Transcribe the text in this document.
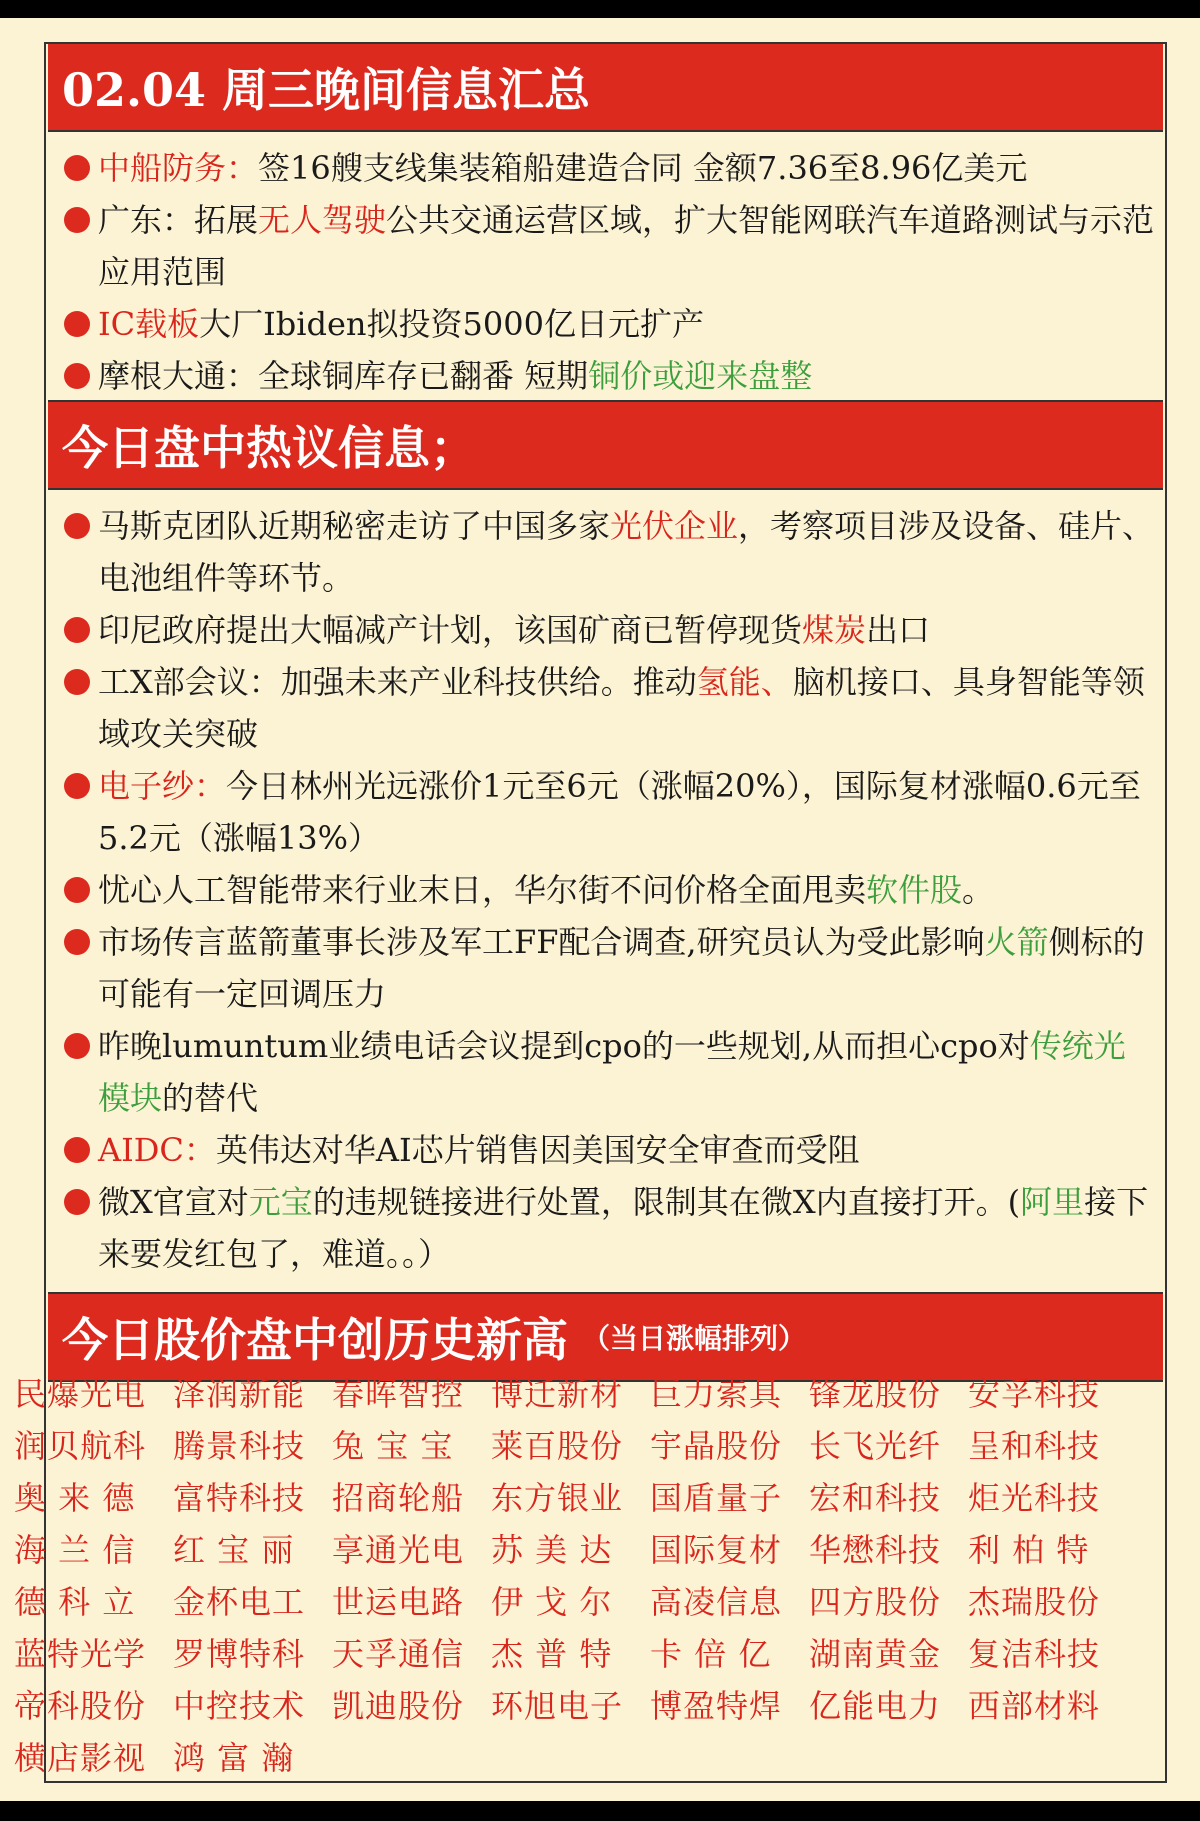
02.04 周三晚间信息汇总
中船防务：签16艘支线集装箱船建造合同 金额7.36至8.96亿美元
广东：拓展无人驾驶公共交通运营区域，扩大智能网联汽车道路测试与示范应用范围
IC载板大厂Ibiden拟投资5000亿日元扩产
摩根大通：全球铜库存已翻番 短期铜价或迎来盘整
今日盘中热议信息；
马斯克团队近期秘密走访了中国多家光伏企业，考察项目涉及设备、硅片、电池组件等环节。
印尼政府提出大幅减产计划，该国矿商已暂停现货煤炭出口
工X部会议：加强未来产业科技供给。推动氢能、脑机接口、具身智能等领域攻关突破
电子纱：今日林州光远涨价1元至6元（涨幅20%），国际复材涨幅0.6元至5.2元（涨幅13%）
忧心人工智能带来行业末日，华尔街不问价格全面甩卖软件股。
市场传言蓝箭董事长涉及军工FF配合调查,研究员认为受此影响火箭侧标的可能有一定回调压力
昨晚lumuntum业绩电话会议提到cpo的一些规划,从而担心cpo对传统光模块的替代
AIDC：英伟达对华AI芯片销售因美国安全审查而受阻
微X官宣对元宝的违规链接进行处置，限制其在微X内直接打开。(阿里接下来要发红包了，难道。。）
今日股价盘中创历史新高 （当日涨幅排列）
民爆光电 泽润新能 春晖智控 博迁新材 巨力索具 锋龙股份 安孚科技
润贝航科 腾景科技 兔 宝 宝	莱百股份 宇晶股份 长飞光纤 呈和科技
奥 来 德	富特科技 招商轮船 东方银业 国盾量子 宏和科技 炬光科技
海 兰 信	红 宝 丽	享通光电 苏 美 达	国际复材 华懋科技 利 柏 特
德 科 立	金杯电工 世运电路 伊 戈 尔	高凌信息 四方股份 杰瑞股份
蓝特光学 罗博特科 天孚通信 杰 普 特	卡 倍 亿	湖南黄金 复洁科技
帝科股份 中控技术 凯迪股份 环旭电子 博盈特焊 亿能电力 西部材料
横店影视 鸿 富 瀚
